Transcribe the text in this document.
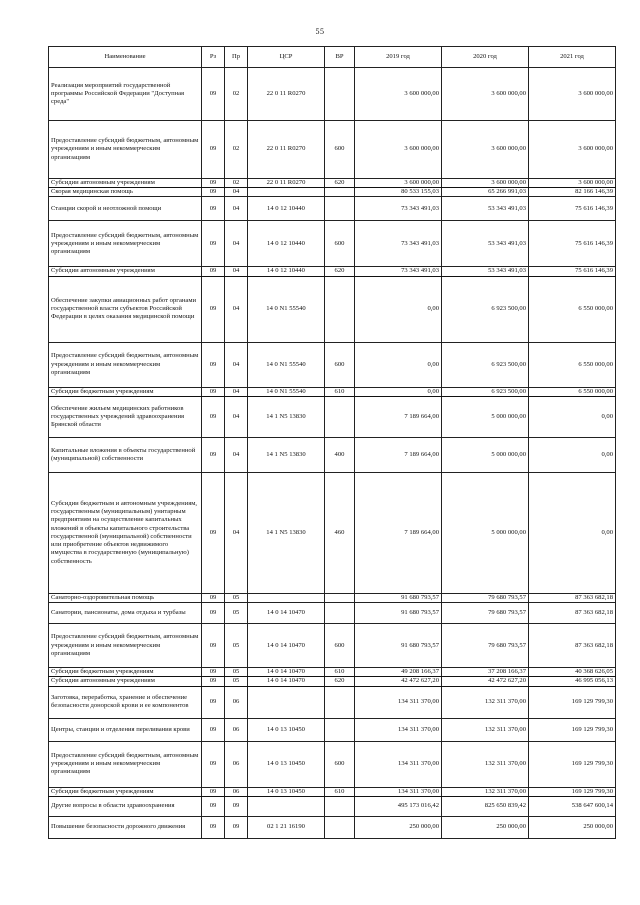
55
Наименование	Рз	Пр	ЦСР	ВР	2019 год	2020 год	2021 год
Реализация мероприятий государственной программы Российской Федерации "Доступная среда"	09	02	22 0 11 R0270		3 600 000,00	3 600 000,00	3 600 000,00
Предоставление субсидий бюджетным, автономным учреждениям и иным некоммерческим организациям	09	02	22 0 11 R0270	600	3 600 000,00	3 600 000,00	3 600 000,00
Субсидии автономным учреждениям	09	02	22 0 11 R0270	620	3 600 000,00	3 600 000,00	3 600 000,00
Скорая медицинская помощь	09	04			80 533 155,03	65 266 991,03	82 166 146,39
Станции скорой и неотложной помощи	09	04	14 0 12 10440		73 343 491,03	53 343 491,03	75 616 146,39
Предоставление субсидий бюджетным, автономным учреждениям и иным некоммерческим организациям	09	04	14 0 12 10440	600	73 343 491,03	53 343 491,03	75 616 146,39
Субсидии автономным учреждениям	09	04	14 0 12 10440	620	73 343 491,03	53 343 491,03	75 616 146,39
Обеспечение закупки авиационных работ органами государственной власти субъектов Российской Федерации в целях оказания медицинской помощи	09	04	14 0 N1 55540		0,00	6 923 500,00	6 550 000,00
Предоставление субсидий бюджетным, автономным учреждениям и иным некоммерческим организациям	09	04	14 0 N1 55540	600	0,00	6 923 500,00	6 550 000,00
Субсидии бюджетным учреждениям	09	04	14 0 N1 55540	610	0,00	6 923 500,00	6 550 000,00
Обеспечение жильем медицинских работников государственных учреждений здравоохранения Брянской области	09	04	14 1 N5 13830		7 189 664,00	5 000 000,00	0,00
Капитальные вложения в объекты государственной (муниципальной) собственности	09	04	14 1 N5 13830	400	7 189 664,00	5 000 000,00	0,00
Субсидии бюджетным и автономным учреждениям, государственным (муниципальным) унитарным предприятиям на осуществление капитальных вложений в объекты капитального строительства государственной (муниципальной) собственности или приобретение объектов недвижимого имущества в государственную (муниципальную) собственность	09	04	14 1 N5 13830	460	7 189 664,00	5 000 000,00	0,00
Санаторно-оздоровительная помощь	09	05			91 680 793,57	79 680 793,57	87 363 682,18
Санатории, пансионаты, дома отдыха и турбазы	09	05	14 0 14 10470		91 680 793,57	79 680 793,57	87 363 682,18
Предоставление субсидий бюджетным, автономным учреждениям и иным некоммерческим организациям	09	05	14 0 14 10470	600	91 680 793,57	79 680 793,57	87 363 682,18
Субсидии бюджетным учреждениям	09	05	14 0 14 10470	610	49 208 166,37	37 208 166,37	40 368 626,05
Субсидии автономным учреждениям	09	05	14 0 14 10470	620	42 472 627,20	42 472 627,20	46 995 056,13
Заготовка, переработка, хранение и обеспечение безопасности донорской крови и ее компонентов	09	06			134 311 370,00	132 311 370,00	169 129 799,30
Центры, станции и отделения переливания крови	09	06	14 0 13 10450		134 311 370,00	132 311 370,00	169 129 799,30
Предоставление субсидий бюджетным, автономным учреждениям и иным некоммерческим организациям	09	06	14 0 13 10450	600	134 311 370,00	132 311 370,00	169 129 799,30
Субсидии бюджетным учреждениям	09	06	14 0 13 10450	610	134 311 370,00	132 311 370,00	169 129 799,30
Другие вопросы в области здравоохранения	09	09			495 173 016,42	825 650 839,42	538 647 600,14
Повышение безопасности дорожного движения	09	09	02 1 21 16190		250 000,00	250 000,00	250 000,00
